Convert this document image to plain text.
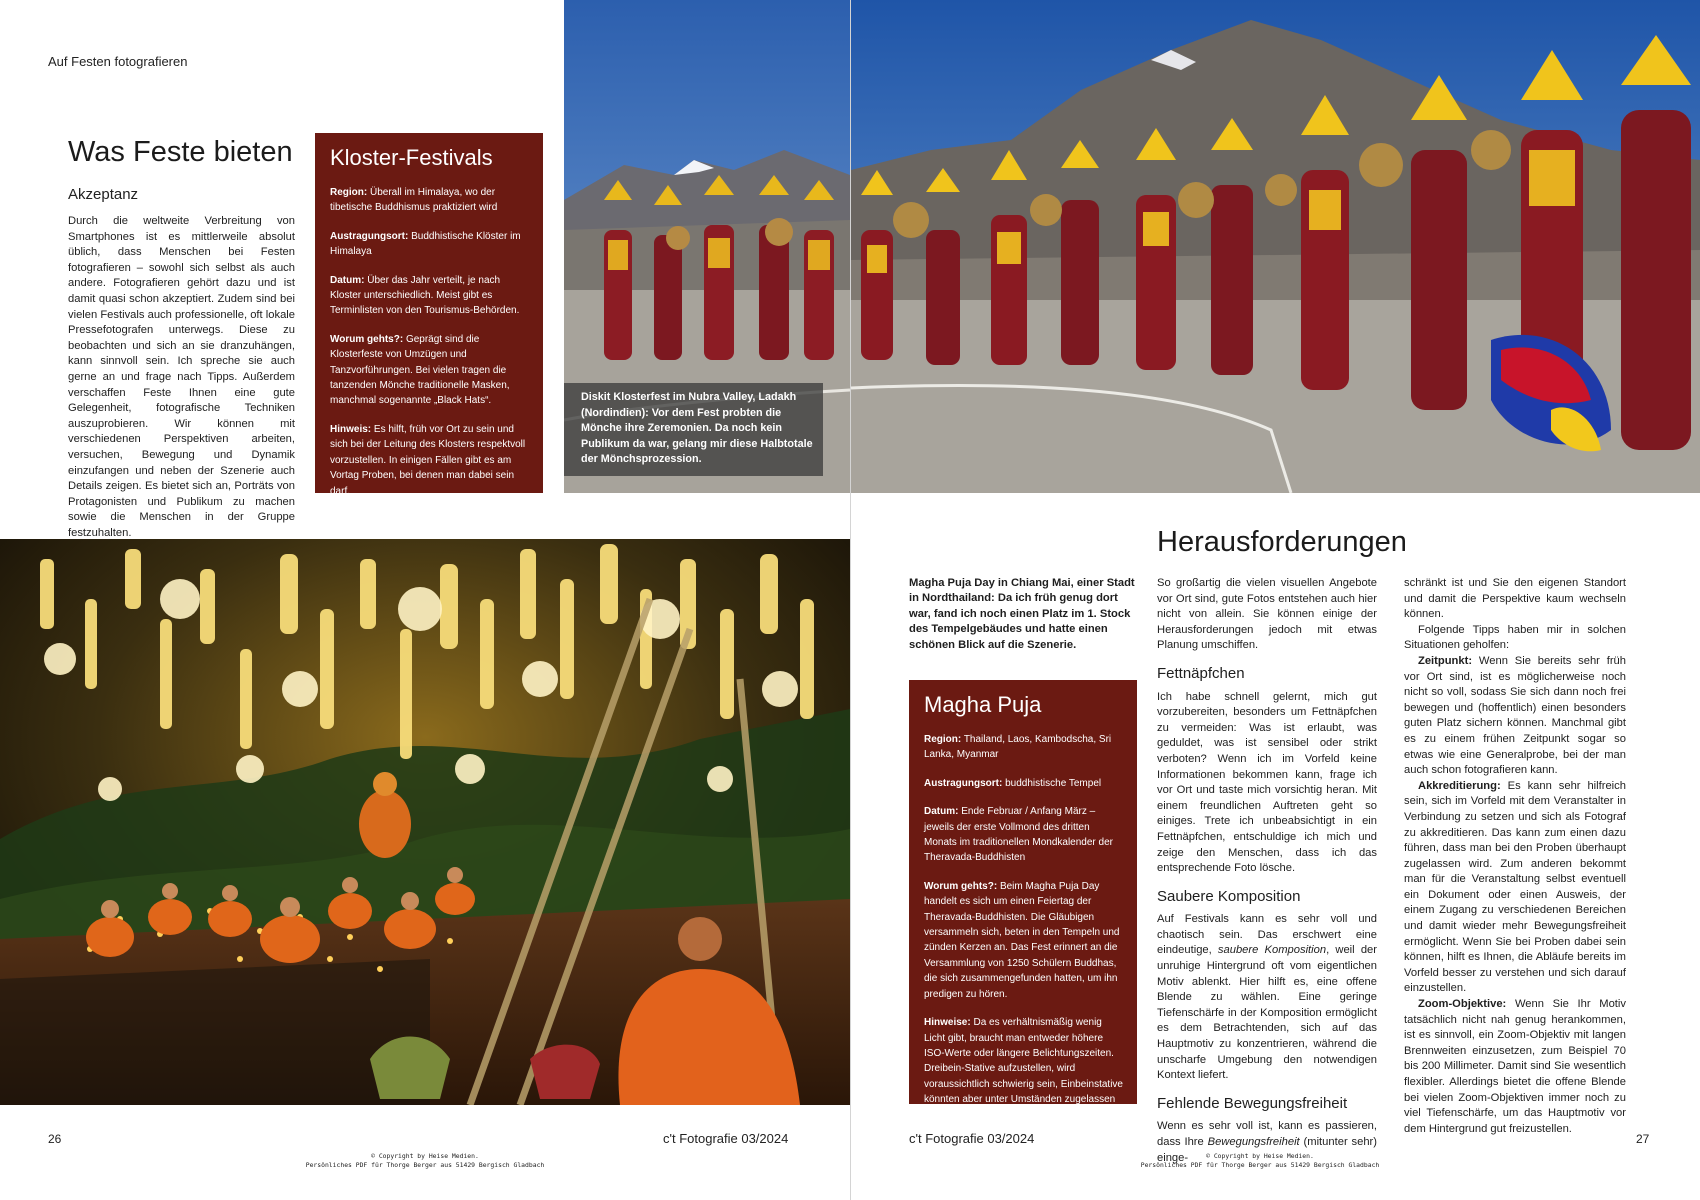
Auf Festen fotografieren
Was Feste bieten
Akzeptanz

Durch die weltweite Verbreitung von Smartphones ist es mittlerweile absolut üblich, dass Menschen bei Festen fotografieren – sowohl sich selbst als auch andere. Fotografieren gehört dazu und ist damit quasi schon akzeptiert. Zudem sind bei vielen Festivals auch professionelle, oft lokale Pressefotografen unterwegs. Diese zu beobachten und sich an sie dranzuhängen, kann sinnvoll sein. Ich spreche sie auch gerne an und frage nach Tipps. Außerdem verschaffen Feste Ihnen eine gute Gelegenheit, fotografische Techniken auszuprobieren. Wir können mit verschiedenen Perspektiven arbeiten, versuchen, Bewegung und Dynamik einzufangen und neben der Szenerie auch Details zeigen. Es bietet sich an, Porträts von Protagonisten und Publikum zu machen sowie die Menschen in der Gruppe festzuhalten.

Kloster-Festivals
Region: Überall im Himalaya, wo der tibetische Buddhismus praktiziert wird
Austragungsort: Buddhistische Klöster im Himalaya
Datum: Über das Jahr verteilt, je nach Kloster unterschiedlich. Meist gibt es Terminlisten von den Tourismus-Behörden.
Worum gehts?: Geprägt sind die Klosterfeste von Umzügen und Tanzvorführungen. Bei vielen tragen die tanzenden Mönche traditionelle Masken, manchmal sogenannte „Black Hats“.
Hinweis: Es hilft, früh vor Ort zu sein und sich bei der Leitung des Klosters respektvoll vorzustellen. In einigen Fällen gibt es am Vortag Proben, bei denen man dabei sein darf.
Diskit Klosterfest im Nubra Valley, Ladakh (Nordindien): Vor dem Fest probten die Mönche ihre Zeremonien. Da noch kein Publikum da war, gelang mir diese Halbtotale der Mönchsprozession.
26	c't Fotografie 03/2024
© Copyright by Heise Medien.
Persönliches PDF für Thorge Berger aus 51429 Bergisch Gladbach
Herausforderungen

Magha Puja Day in Chiang Mai, einer Stadt in Nordthailand: Da ich früh genug dort war, fand ich noch einen Platz im 1. Stock des Tempelgebäudes und hatte einen schönen Blick auf die Szenerie.

Magha Puja
Region: Thailand, Laos, Kambodscha, Sri Lanka, Myanmar
Austragungsort: buddhistische Tempel
Datum: Ende Februar / Anfang März – jeweils der erste Vollmond des dritten Monats im traditionellen Mondkalender der Theravada-Buddhisten
Worum gehts?: Beim Magha Puja Day handelt es sich um einen Feiertag der Theravada-Buddhisten. Die Gläubigen versammeln sich, beten in den Tempeln und zünden Kerzen an. Das Fest erinnert an die Versammlung von 1250 Schülern Buddhas, die sich zusammengefunden hatten, um ihn predigen zu hören.
Hinweise: Da es verhältnismäßig wenig Licht gibt, braucht man entweder höhere ISO-Werte oder längere Belichtungszeiten. Dreibein-Stative aufzustellen, wird voraussichtlich schwierig sein, Einbeinstative könnten aber unter Umständen zugelassen sein.

So großartig die vielen visuellen Angebote vor Ort sind, gute Fotos entstehen auch hier nicht von allein. Sie können einige der Herausforderungen jedoch mit etwas Planung umschiffen.

Fettnäpfchen

Ich habe schnell gelernt, mich gut vorzubereiten, besonders um Fettnäpfchen zu vermeiden: Was ist erlaubt, was geduldet, was ist sensibel oder strikt verboten? Wenn ich im Vorfeld keine Informationen bekommen kann, frage ich vor Ort und taste mich vorsichtig heran. Mit einem freundlichen Auftreten geht so einiges. Trete ich unbeabsichtigt in ein Fettnäpfchen, entschuldige ich mich und zeige den Menschen, dass ich das entsprechende Foto lösche.

Saubere Komposition

Auf Festivals kann es sehr voll und chaotisch sein. Das erschwert eine eindeutige, saubere Komposition, weil der unruhige Hintergrund oft vom eigentlichen Motiv ablenkt. Hier hilft es, eine offene Blende zu wählen. Eine geringe Tiefenschärfe in der Komposition ermöglicht es dem Betrachtenden, sich auf das Hauptmotiv zu konzentrieren, während die unscharfe Umgebung den notwendigen Kontext liefert.

Fehlende Bewegungsfreiheit

Wenn es sehr voll ist, kann es passieren, dass Ihre Bewegungsfreiheit (mitunter sehr) einge-

schränkt ist und Sie den eigenen Standort und damit die Perspektive kaum wechseln können.

Folgende Tipps haben mir in solchen Situationen geholfen:

Zeitpunkt: Wenn Sie bereits sehr früh vor Ort sind, ist es möglicherweise noch nicht so voll, sodass Sie sich dann noch frei bewegen und (hoffentlich) einen besonders guten Platz sichern können. Manchmal gibt es zu einem frühen Zeitpunkt sogar so etwas wie eine Generalprobe, bei der man auch schon fotografieren kann.

Akkreditierung: Es kann sehr hilfreich sein, sich im Vorfeld mit dem Veranstalter in Verbindung zu setzen und sich als Fotograf zu akkreditieren. Das kann zum einen dazu führen, dass man bei den Proben überhaupt zugelassen wird. Zum anderen bekommt man für die Veranstaltung selbst eventuell ein Dokument oder einen Ausweis, der einem Zugang zu verschiedenen Bereichen und damit wieder mehr Bewegungsfreiheit ermöglicht. Wenn Sie bei Proben dabei sein können, hilft es Ihnen, die Abläufe bereits im Vorfeld besser zu verstehen und sich darauf einzustellen.

Zoom-Objektive: Wenn Sie Ihr Motiv tatsächlich nicht nah genug herankommen, ist es sinnvoll, ein Zoom-Objektiv mit langen Brennweiten einzusetzen, zum Beispiel 70 bis 200 Millimeter. Damit sind Sie wesentlich flexibler. Allerdings bietet die offene Blende bei vielen Zoom-Objektiven immer noch zu viel Tiefenschärfe, um das Hauptmotiv vor dem Hintergrund gut freizustellen.

c't Fotografie 03/2024	27
© Copyright by Heise Medien.
Persönliches PDF für Thorge Berger aus 51429 Bergisch Gladbach
